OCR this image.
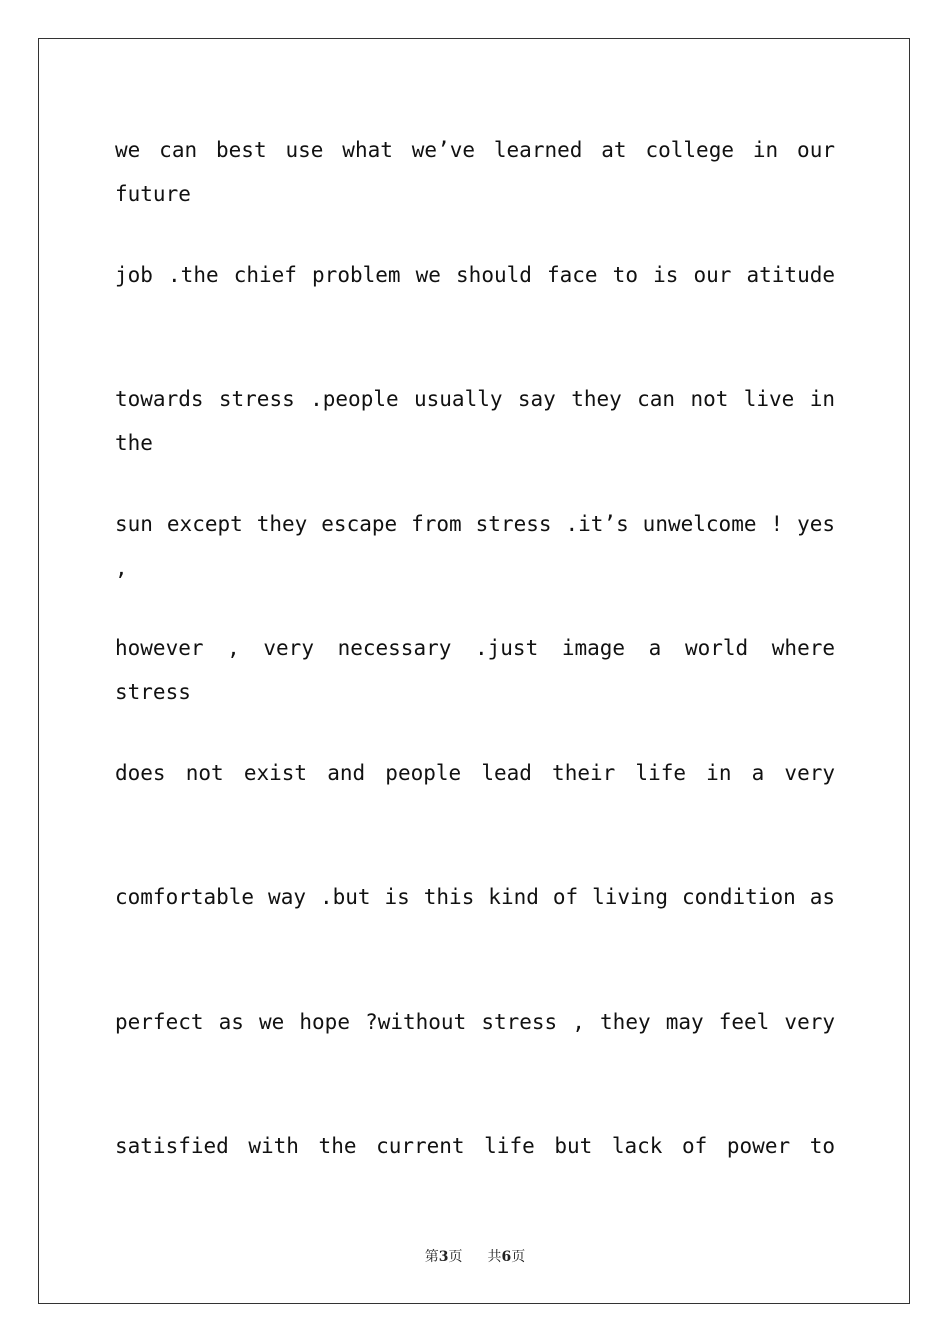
we can best use what we’ve learned at college in our future
job .the chief problem we should face to is our atitude
towards stress .people usually say they can not live in the
sun except they escape from stress .it’s unwelcome ! yes ,
however , very necessary .just image a world where stress
does not exist and people lead their life in a very
comfortable way .but is this kind of living condition as
perfect as we hope ?without stress , they may feel very
satisfied with the current life but lack of power to
第3页 共6页
